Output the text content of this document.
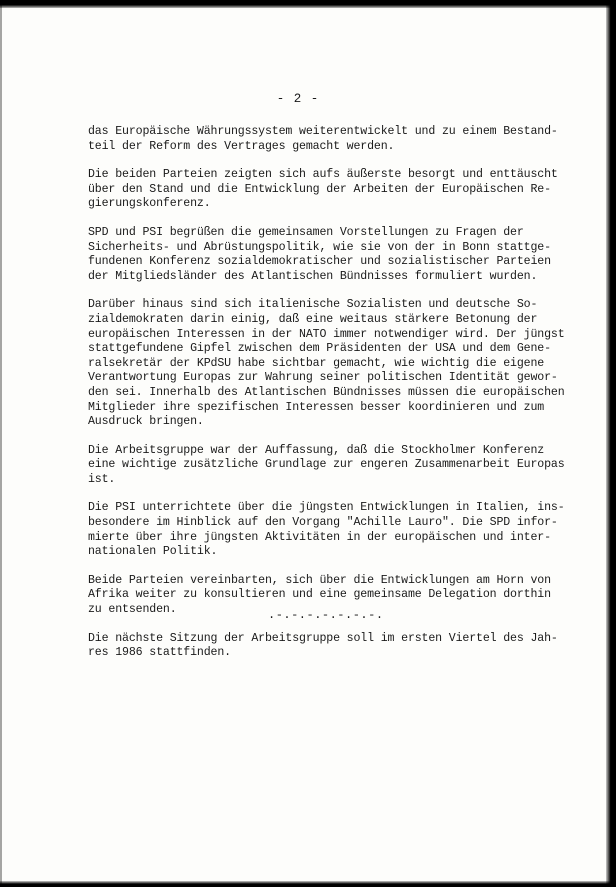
- 2 -
das Europäische Währungssystem weiterentwickelt und zu einem Bestand-
teil der Reform des Vertrages gemacht werden.
Die beiden Parteien zeigten sich aufs äußerste besorgt und enttäuscht
über den Stand und die Entwicklung der Arbeiten der Europäischen Re-
gierungskonferenz.
SPD und PSI begrüßen die gemeinsamen Vorstellungen zu Fragen der
Sicherheits- und Abrüstungspolitik, wie sie von der in Bonn stattge-
fundenen Konferenz sozialdemokratischer und sozialistischer Parteien
der Mitgliedsländer des Atlantischen Bündnisses formuliert wurden.
Darüber hinaus sind sich italienische Sozialisten und deutsche So-
zialdemokraten darin einig, daß eine weitaus stärkere Betonung der
europäischen Interessen in der NATO immer notwendiger wird. Der jüngst
stattgefundene Gipfel zwischen dem Präsidenten der USA und dem Gene-
ralsekretär der KPdSU habe sichtbar gemacht, wie wichtig die eigene
Verantwortung Europas zur Wahrung seiner politischen Identität gewor-
den sei. Innerhalb des Atlantischen Bündnisses müssen die europäischen
Mitglieder ihre spezifischen Interessen besser koordinieren und zum
Ausdruck bringen.
Die Arbeitsgruppe war der Auffassung, daß die Stockholmer Konferenz
eine wichtige zusätzliche Grundlage zur engeren Zusammenarbeit Europas
ist.
Die PSI unterrichtete über die jüngsten Entwicklungen in Italien, ins-
besondere im Hinblick auf den Vorgang "Achille Lauro". Die SPD infor-
mierte über ihre jüngsten Aktivitäten in der europäischen und inter-
nationalen Politik.
Beide Parteien vereinbarten, sich über die Entwicklungen am Horn von
Afrika weiter zu konsultieren und eine gemeinsame Delegation dorthin
zu entsenden.
Die nächste Sitzung der Arbeitsgruppe soll im ersten Viertel des Jah-
res 1986 stattfinden.
.-.-.-.-.-.-.-.
